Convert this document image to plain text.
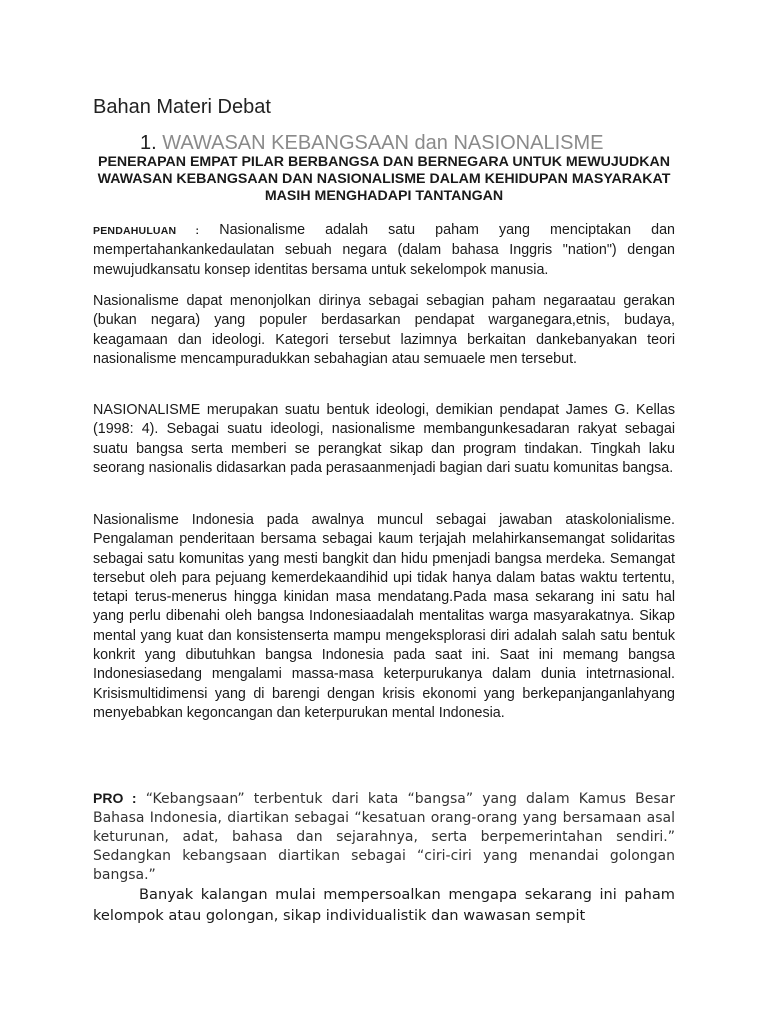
Bahan Materi Debat
1. WAWASAN KEBANGSAAN dan NASIONALISME
PENERAPAN EMPAT PILAR BERBANGSA DAN BERNEGARA UNTUK MEWUJUDKAN WAWASAN KEBANGSAAN DAN NASIONALISME DALAM KEHIDUPAN MASYARAKAT MASIH MENGHADAPI TANTANGAN
PENDAHULUAN : Nasionalisme adalah satu paham yang menciptakan dan mempertahankankedaulatan sebuah negara (dalam bahasa Inggris "nation") dengan mewujudkansatu konsep identitas bersama untuk sekelompok manusia.
Nasionalisme dapat menonjolkan dirinya sebagai sebagian paham negaraatau gerakan (bukan negara) yang populer berdasarkan pendapat warganegara,etnis, budaya, keagamaan dan ideologi. Kategori tersebut lazimnya berkaitan dankebanyakan teori nasionalisme mencampuradukkan sebahagian atau semuaele men tersebut.
NASIONALISME merupakan suatu bentuk ideologi, demikian pendapat James G. Kellas (1998: 4). Sebagai suatu ideologi, nasionalisme membangunkesadaran rakyat sebagai suatu bangsa serta memberi se perangkat sikap dan program tindakan. Tingkah laku seorang nasionalis didasarkan pada perasaanmenjadi bagian dari suatu komunitas bangsa.
Nasionalisme Indonesia pada awalnya muncul sebagai jawaban ataskolonialisme. Pengalaman penderitaan bersama sebagai kaum terjajah melahirkansemangat solidaritas sebagai satu komunitas yang mesti bangkit dan hidu pmenjadi bangsa merdeka. Semangat tersebut oleh para pejuang kemerdekaandihid upi tidak hanya dalam batas waktu tertentu, tetapi terus-menerus hingga kinidan masa mendatang.Pada masa sekarang ini satu hal yang perlu dibenahi oleh bangsa Indonesiaadalah mentalitas warga masyarakatnya. Sikap mental yang kuat dan konsistenserta mampu mengeksplorasi diri adalah salah satu bentuk konkrit yang dibutuhkan bangsa Indonesia pada saat ini. Saat ini memang bangsa Indonesiasedang mengalami massa-masa keterpurukanya dalam dunia intetrnasional. Krisismultidimensi yang di barengi dengan krisis ekonomi yang berkepanjanganlahyang menyebabkan kegoncangan dan keterpurukan mental Indonesia.
PRO : “Kebangsaan” terbentuk dari kata “bangsa” yang dalam Kamus Besar Bahasa Indonesia, diartikan sebagai “kesatuan orang-orang yang bersamaan asal keturunan, adat, bahasa dan sejarahnya, serta berpemerintahan sendiri.” Sedangkan kebangsaan diartikan sebagai “ciri-ciri yang menandai golongan bangsa.”
Banyak kalangan mulai mempersoalkan mengapa sekarang ini paham kelompok atau golongan, sikap individualistik dan wawasan sempit
